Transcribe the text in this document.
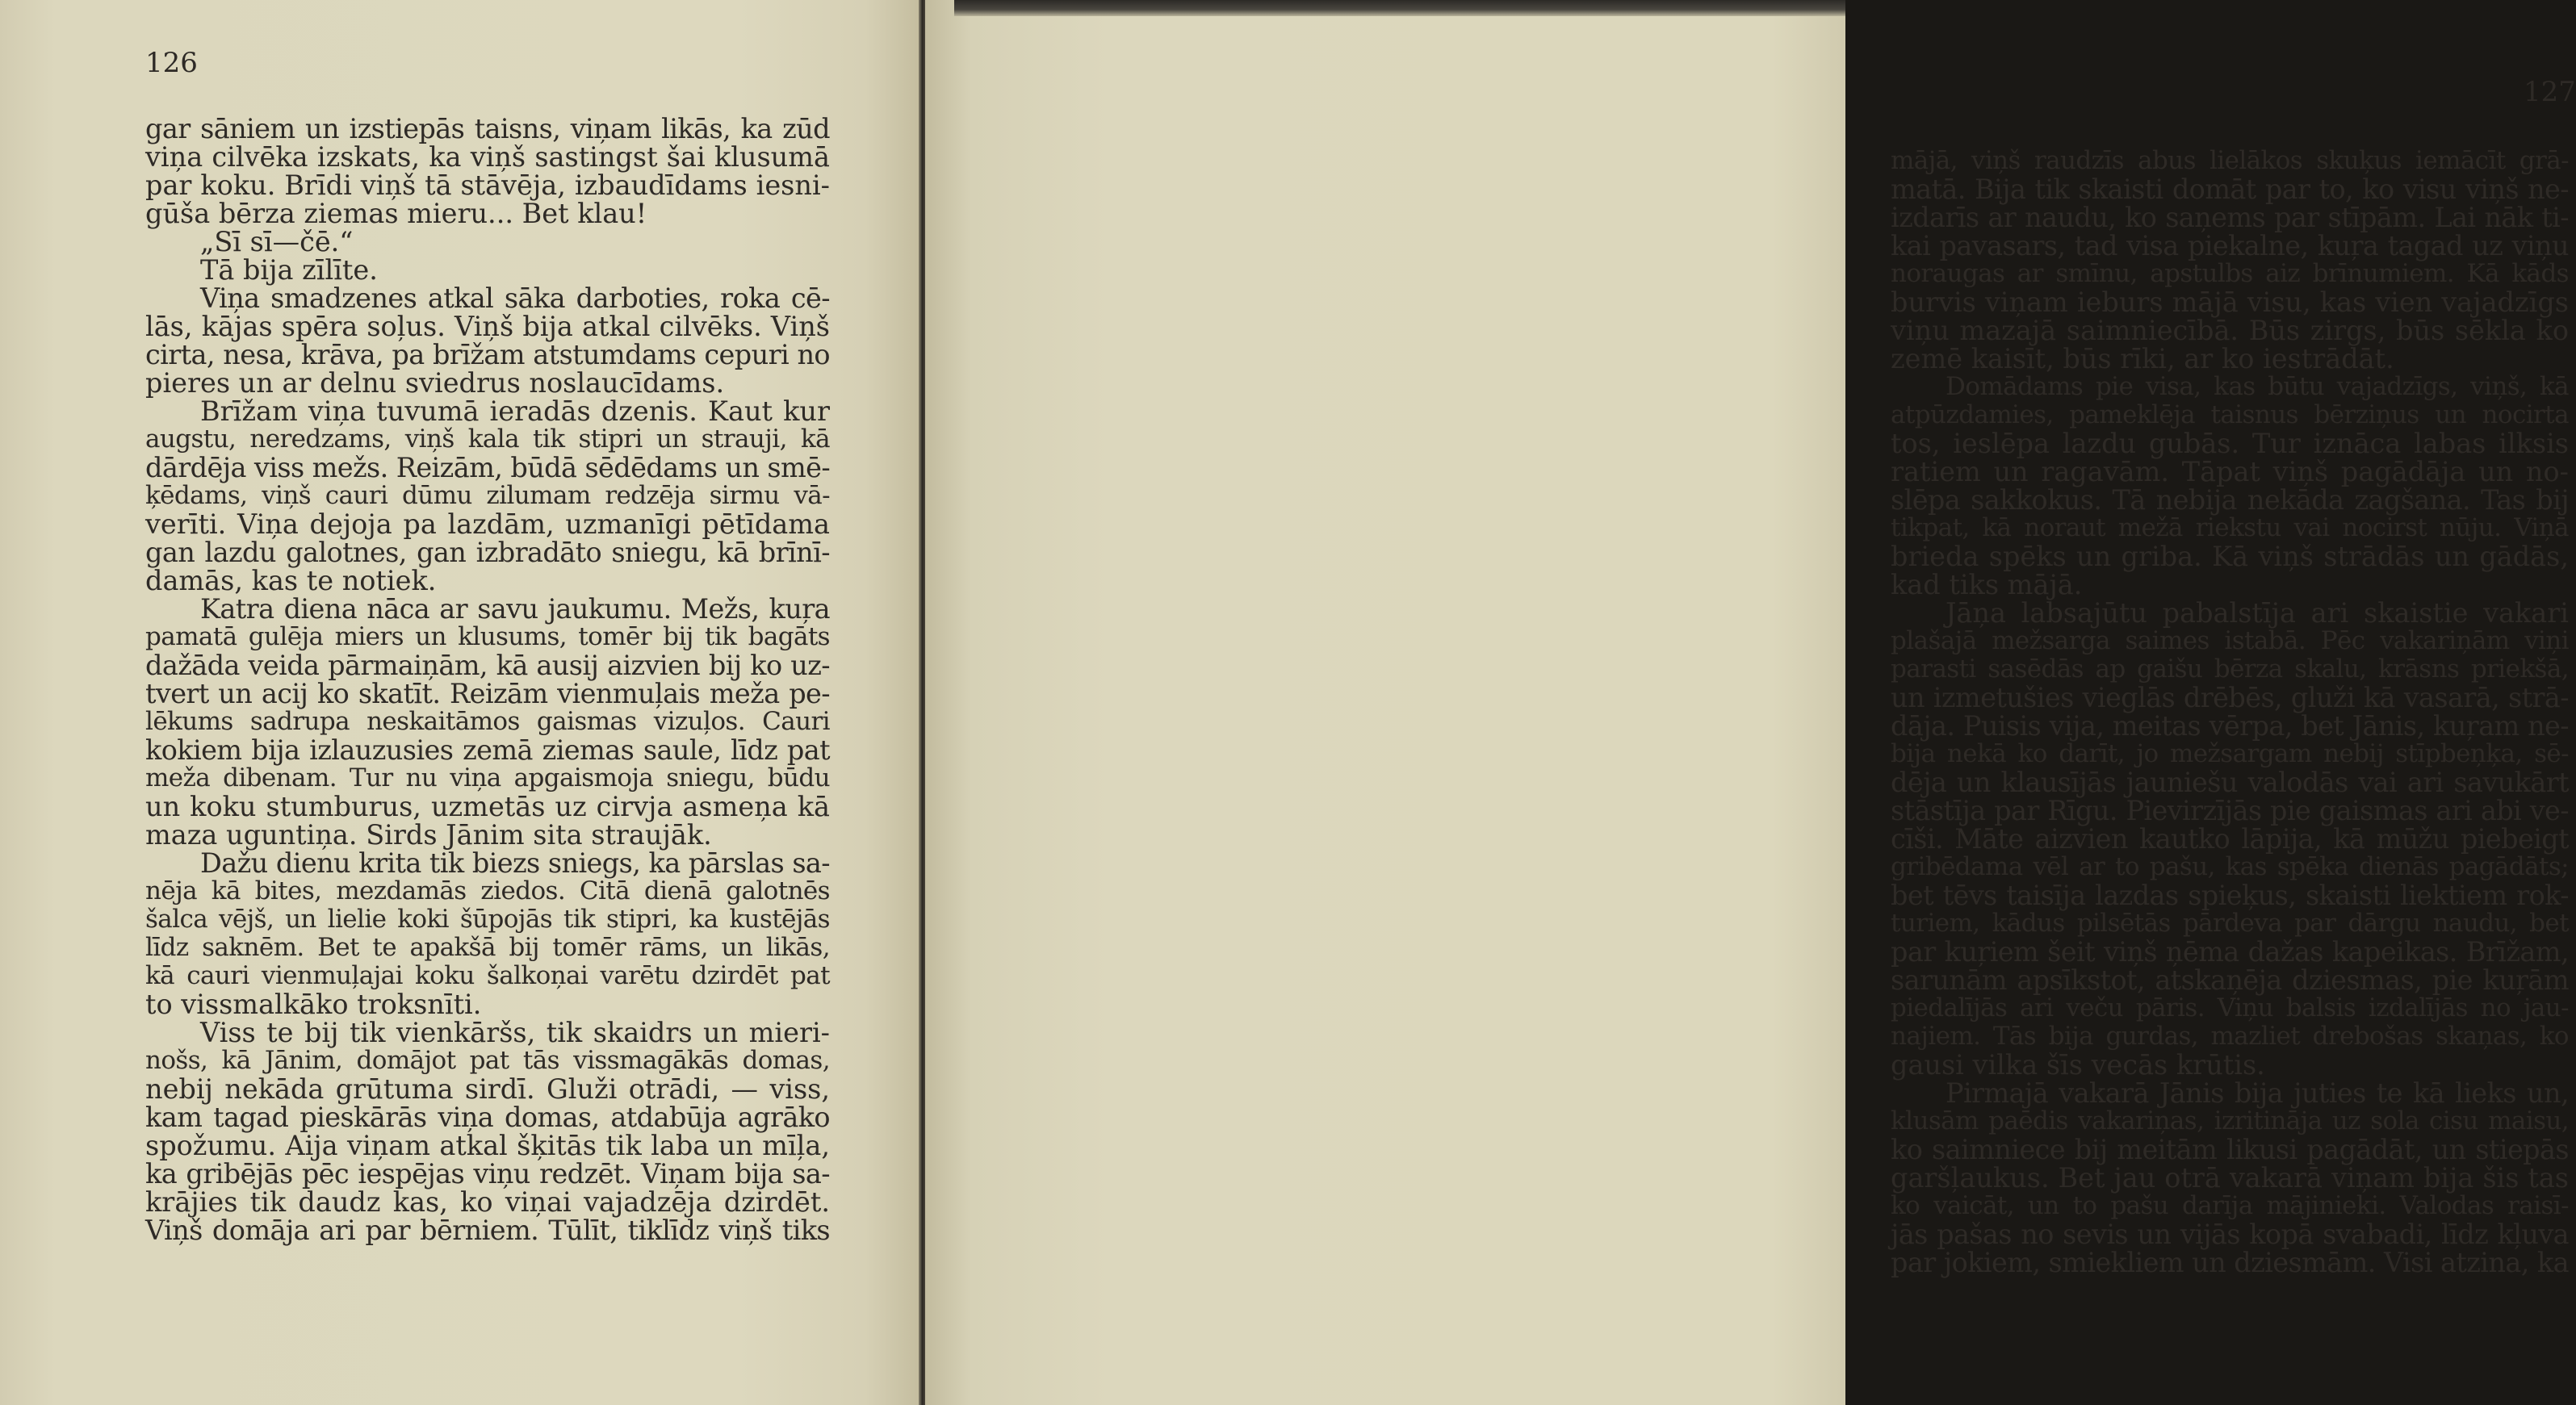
126
gar sāniem un izstiepās taisns, viņam likās, ka zūd
viņa cilvēka izskats, ka viņš sastingst šai klusumā
par koku. Brīdi viņš tā stāvēja, izbaudīdams iesni-
gūša bērza ziemas mieru... Bet klau!
„Sī sī—čē.“
Tā bija zīlīte.
Viņa smadzenes atkal sāka darboties, roka cē-
lās, kājas spēra soļus. Viņš bija atkal cilvēks. Viņš
cirta, nesa, krāva, pa brīžam atstumdams cepuri no
pieres un ar delnu sviedrus noslaucīdams.
Brīžam viņa tuvumā ieradās dzenis. Kaut kur
augstu, neredzams, viņš kala tik stipri un strauji, kā
dārdēja viss mežs. Reizām, būdā sēdēdams un smē-
ķēdams, viņš cauri dūmu zilumam redzēja sirmu vā-
verīti. Viņa dejoja pa lazdām, uzmanīgi pētīdama
gan lazdu galotnes, gan izbradāto sniegu, kā brīnī-
damās, kas te notiek.
Katra diena nāca ar savu jaukumu. Mežs, kuŗa
pamatā gulēja miers un klusums, tomēr bij tik bagāts
dažāda veida pārmaiņām, kā ausij aizvien bij ko uz-
tvert un acij ko skatīt. Reizām vienmuļais meža pe-
lēkums sadrupa neskaitāmos gaismas vizuļos. Cauri
kokiem bija izlauzusies zemā ziemas saule, līdz pat
meža dibenam. Tur nu viņa apgaismoja sniegu, būdu
un koku stumburus, uzmetās uz cirvja asmeņa kā
maza uguntiņa. Sirds Jānim sita straujāk.
Dažu dienu krita tik biezs sniegs, ka pārslas sa-
nēja kā bites, mezdamās ziedos. Citā dienā galotnēs
šalca vējš, un lielie koki šūpojās tik stipri, ka kustējās
līdz saknēm. Bet te apakšā bij tomēr rāms, un likās,
kā cauri vienmuļajai koku šalkoņai varētu dzirdēt pat
to vissmalkāko troksnīti.
Viss te bij tik vienkāršs, tik skaidrs un mieri-
nošs, kā Jānim, domājot pat tās vissmagākās domas,
nebij nekāda grūtuma sirdī. Gluži otrādi, — viss,
kam tagad pieskārās viņa domas, atdabūja agrāko
spožumu. Aija viņam atkal šķitās tik laba un mīļa,
ka gribējās pēc iespējas viņu redzēt. Viņam bija sa-
krājies tik daudz kas, ko viņai vajadzēja dzirdēt.
Viņš domāja ari par bērniem. Tūlīt, tiklīdz viņš tiks
127
mājā, viņš raudzīs abus lielākos skuķus iemācīt grā-
matā. Bija tik skaisti domāt par to, ko visu viņš ne-
izdarīs ar naudu, ko saņems par stīpām. Lai nāk ti-
kai pavasars, tad visa piekalne, kuŗa tagad uz viņu
noraugas ar smīnu, apstulbs aiz brīnumiem. Kā kāds
burvis viņam ieburs mājā visu, kas vien vajadzīgs
viņu mazajā saimniecībā. Būs zirgs, būs sēkla ko
zemē kaisīt, būs rīki, ar ko iestrādāt.
Domādams pie visa, kas būtu vajadzīgs, viņš, kā
atpūzdamies, pameklēja taisnus bērziņus un nocirta
tos, ieslēpa lazdu gubās. Tur iznāca labas ilksis
ratiem un ragavām. Tāpat viņš pagādāja un no-
slēpa sakkokus. Tā nebija nekāda zagšana. Tas bij
tikpat, kā noraut mežā riekstu vai nocirst nūju. Viņā
brieda spēks un griba. Kā viņš strādās un gādās,
kad tiks mājā.
Jāņa labsajūtu pabalstīja ari skaistie vakari
plašajā mežsarga saimes istabā. Pēc vakariņām viņi
parasti sasēdās ap gaišu bērza skalu, krāsns priekšā,
un izmetušies vieglās drēbēs, gluži kā vasarā, strā-
dāja. Puisis vija, meitas vērpa, bet Jānis, kuŗam ne-
bija nekā ko darīt, jo mežsargam nebij stīpbeņķa, sē-
dēja un klausījās jauniešu valodās vai ari savukārt
stāstīja par Rīgu. Pievirzījās pie gaismas ari abi ve-
cīši. Māte aizvien kautko lāpija, kā mūžu piebeigt
gribēdama vēl ar to pašu, kas spēka dienās pagādāts;
bet tēvs taisīja lazdas spieķus, skaisti liektiem rok-
turiem, kādus pilsētās pārdeva par dārgu naudu, bet
par kuŗiem šeit viņš ņēma dažas kapeikas. Brīžam,
sarunām apsīkstot, atskaņēja dziesmas, pie kuŗām
piedalījās ari veču pāris. Viņu balsis izdalījās no jau-
najiem. Tās bija gurdas, mazliet drebošas skaņas, ko
gausi vilka šīs vecās krūtis.
Pirmajā vakarā Jānis bija juties te kā lieks un,
klusām paēdis vakariņas, izritināja uz sola cisu maisu,
ko saimniece bij meitām likusi pagādāt, un stiepās
garšļaukus. Bet jau otrā vakarā viņam bija šis tas
ko vaicāt, un to pašu darīja mājinieki. Valodas raisī-
jās pašas no sevis un vijās kopā svabadi, līdz kļuva
par jokiem, smiekliem un dziesmām. Visi atzina, ka
